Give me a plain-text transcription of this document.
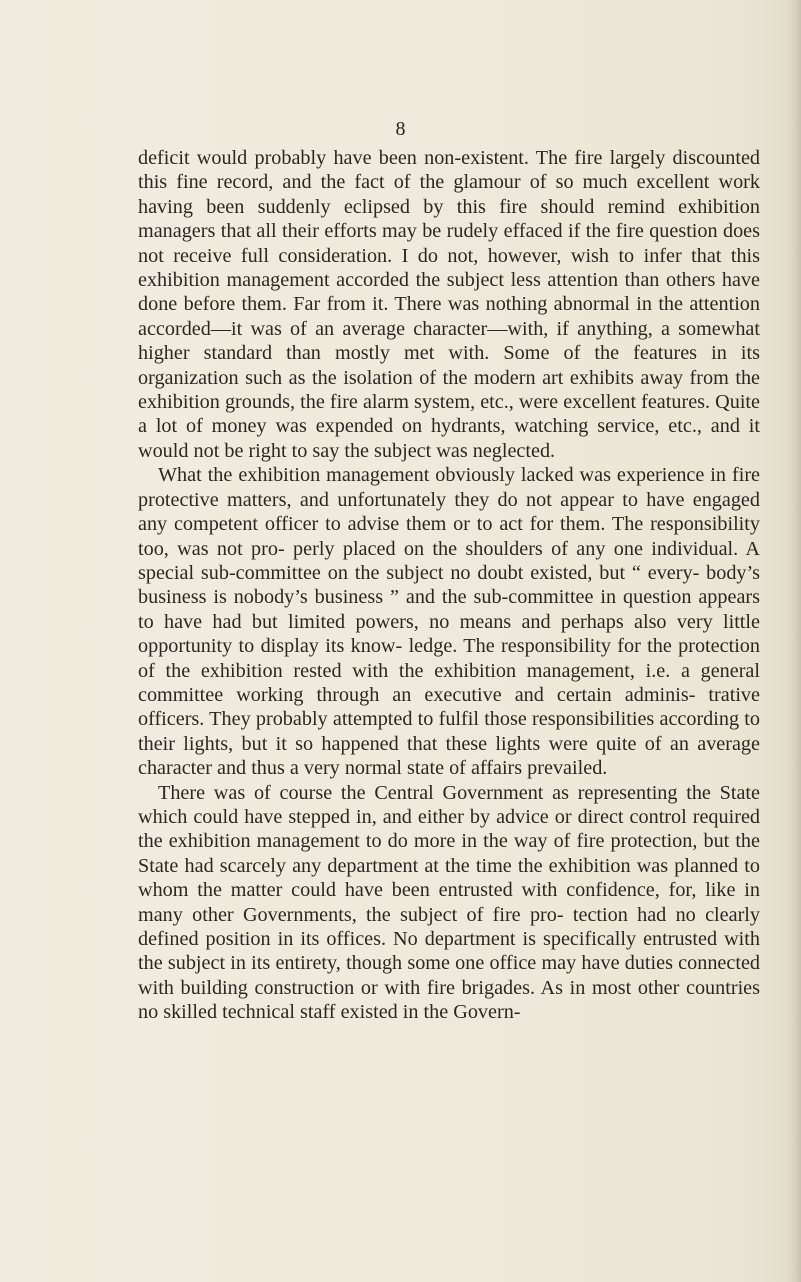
8

deficit would probably have been non-existent. The fire largely discounted this fine record, and the fact of the glamour of so much excellent work having been suddenly eclipsed by this fire should remind exhibition managers that all their efforts may be rudely effaced if the fire question does not receive full consideration. I do not, however, wish to infer that this exhibition management accorded the subject less attention than others have done before them. Far from it. There was nothing abnormal in the attention accorded—it was of an average character—with, if anything, a somewhat higher standard than mostly met with. Some of the features in its organization such as the isolation of the modern art exhibits away from the exhibition grounds, the fire alarm system, etc., were excellent features. Quite a lot of money was expended on hydrants, watching service, etc., and it would not be right to say the subject was neglected.

What the exhibition management obviously lacked was experience in fire protective matters, and unfortunately they do not appear to have engaged any competent officer to advise them or to act for them. The responsibility too, was not pro- perly placed on the shoulders of any one individual. A special sub-committee on the subject no doubt existed, but “ every- body’s business is nobody’s business ” and the sub-committee in question appears to have had but limited powers, no means and perhaps also very little opportunity to display its know- ledge. The responsibility for the protection of the exhibition rested with the exhibition management, i.e. a general committee working through an executive and certain adminis- trative officers. They probably attempted to fulfil those responsibilities according to their lights, but it so happened that these lights were quite of an average character and thus a very normal state of affairs prevailed.

There was of course the Central Government as representing the State which could have stepped in, and either by advice or direct control required the exhibition management to do more in the way of fire protection, but the State had scarcely any department at the time the exhibition was planned to whom the matter could have been entrusted with confidence, for, like in many other Governments, the subject of fire pro- tection had no clearly defined position in its offices. No department is specifically entrusted with the subject in its entirety, though some one office may have duties connected with building construction or with fire brigades. As in most other countries no skilled technical staff existed in the Govern-
